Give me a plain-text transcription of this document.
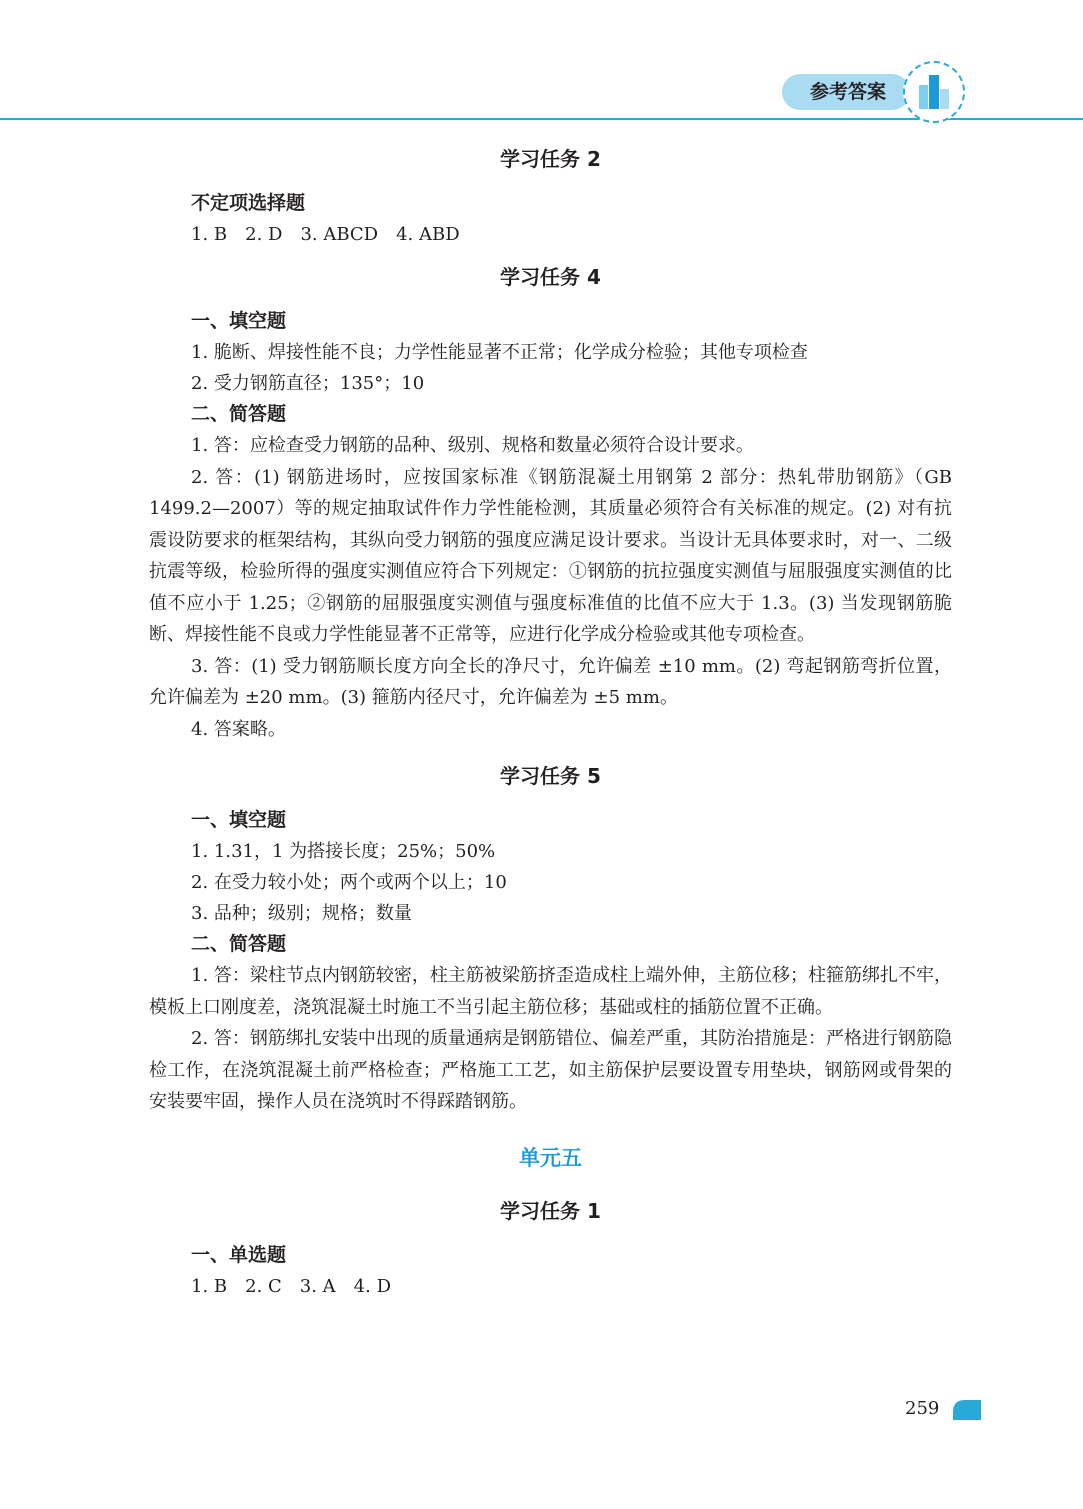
参考答案
学习任务 2
不定项选择题

1. B　2. D　3. ABCD　4. ABD

学习任务 4
一、填空题

1. 脆断、焊接性能不良；力学性能显著不正常；化学成分检验；其他专项检查

2. 受力钢筋直径；135°；10

二、简答题

1. 答：应检查受力钢筋的品种、级别、规格和数量必须符合设计要求。

2. 答：(1) 钢筋进场时，应按国家标准《钢筋混凝土用钢第 2 部分：热轧带肋钢筋》（GB 1499.2—2007）等的规定抽取试件作力学性能检测，其质量必须符合有关标准的规定。(2) 对有抗震设防要求的框架结构，其纵向受力钢筋的强度应满足设计要求。当设计无具体要求时，对一、二级抗震等级，检验所得的强度实测值应符合下列规定：①钢筋的抗拉强度实测值与屈服强度实测值的比值不应小于 1.25；②钢筋的屈服强度实测值与强度标准值的比值不应大于 1.3。(3) 当发现钢筋脆断、焊接性能不良或力学性能显著不正常等，应进行化学成分检验或其他专项检查。

3. 答：(1) 受力钢筋顺长度方向全长的净尺寸，允许偏差 ±10 mm。(2) 弯起钢筋弯折位置，允许偏差为 ±20 mm。(3) 箍筋内径尺寸，允许偏差为 ±5 mm。

4. 答案略。

学习任务 5
一、填空题

1. 1.31，1 为搭接长度；25%；50%

2. 在受力较小处；两个或两个以上；10

3. 品种；级别；规格；数量

二、简答题

1. 答：梁柱节点内钢筋较密，柱主筋被梁筋挤歪造成柱上端外伸，主筋位移；柱箍筋绑扎不牢，模板上口刚度差，浇筑混凝土时施工不当引起主筋位移；基础或柱的插筋位置不正确。

2. 答：钢筋绑扎安装中出现的质量通病是钢筋错位、偏差严重，其防治措施是：严格进行钢筋隐检工作，在浇筑混凝土前严格检查；严格施工工艺，如主筋保护层要设置专用垫块，钢筋网或骨架的安装要牢固，操作人员在浇筑时不得踩踏钢筋。

单元五
学习任务 1
一、单选题

1. B　2. C　3. A　4. D

259
